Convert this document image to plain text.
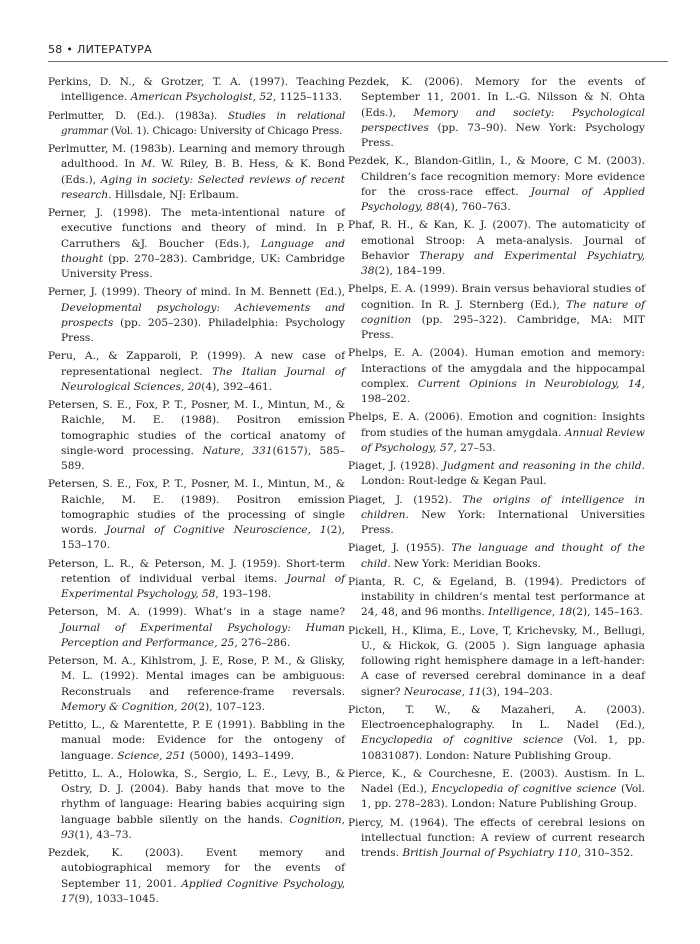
58 • ЛИТЕРАТУРА

Perkins, D. N., & Grotzer, T. A. (1997). Teaching intelligence. American Psychologist, 52, 1125–1133.

Perlmutter, D. (Ed.). (1983a). Studies in relational grammar (Vol. 1). Chicago: University of Chicago Press.

Perlmutter, M. (1983b). Learning and memory through adulthood. In M. W. Riley, B. B. Hess, & K. Bond (Eds.), Aging in society: Selected reviews of recent research. Hillsdale, NJ: Erlbaum.

Perner, J. (1998). The meta-intentional nature of executive functions and theory of mind. In P. Carruthers &J. Boucher (Eds.), Language and thought (pp. 270–283). Cambridge, UK: Cambridge University Press.

Perner, J. (1999). Theory of mind. In M. Bennett (Ed.), Developmental psychology: Achievements and prospects (pp. 205–230). Philadelphia: Psychology Press.

Peru, A., & Zapparoli, P. (1999). A new case of representational neglect. The Italian Journal of Neurological Sciences, 20(4), 392–461.

Petersen, S. E., Fox, P. T., Posner, M. I., Mintun, M., & Raichle, M. E. (1988). Positron emission tomographic studies of the cortical anatomy of single-word processing. Nature, 331(6157), 585–589.

Petersen, S. E., Fox, P. T., Posner, M. I., Mintun, M., & Raichle, M. E. (1989). Positron emission tomographic studies of the processing of single words. Journal of Cognitive Neuroscience, 1(2), 153–170.

Peterson, L. R., & Peterson, M. J. (1959). Short-term retention of individual verbal items. Journal of Experimental Psychology, 58, 193–198.

Peterson, M. A. (1999). What’s in a stage name? Journal of Experimental Psychology: Human Perception and Performance, 25, 276–286.

Peterson, M. A., Kihlstrom, J. E, Rose, P. M., & Glisky, M. L. (1992). Mental images can be ambiguous: Reconstruals and reference-frame reversals. Memory & Cognition, 20(2), 107–123.

Petitto, L., & Marentette, P. E (1991). Babbling in the manual mode: Evidence for the ontogeny of language. Science, 251 (5000), 1493–1499.

Petitto, L. A., Holowka, S., Sergio, L. E., Levy, B., & Ostry, D. J. (2004). Baby hands that move to the rhythm of language: Hearing babies acquiring sign language babble silently on the hands. Cognition, 93(1), 43–73.

Pezdek, K. (2003). Event memory and autobiographical memory for the events of September 11, 2001. Applied Cognitive Psychology, 17(9), 1033–1045.

Pezdek, K. (2006). Memory for the events of September 11, 2001. In L.-G. Nilsson & N. Ohta (Eds.), Memory and society: Psychological perspectives (pp. 73–90). New York: Psychology Press.

Pezdek, K., Blandon-Gitlin, I., & Moore, C M. (2003). Children’s face recognition memory: More evidence for the cross-race effect. Journal of Applied Psychology, 88(4), 760–763.

Phaf, R. H., & Kan, K. J. (2007). The automaticity of emotional Stroop: A meta-analysis. Journal of Behavior Therapy and Experimental Psychiatry, 38(2), 184–199.

Phelps, E. A. (1999). Brain versus behavioral studies of cognition. In R. J. Sternberg (Ed.), The nature of cognition (pp. 295–322). Cambridge, MA: MIT Press.

Phelps, E. A. (2004). Human emotion and memory: Interactions of the amygdala and the hippocampal complex. Current Opinions in Neurobiology, 14, 198–202.

Phelps, E. A. (2006). Emotion and cognition: Insights from studies of the human amygdala. Annual Review of Psychology, 57, 27–53.

Piaget, J. (1928). Judgment and reasoning in the child. London: Rout-ledge & Kegan Paul.

Piaget, J. (1952). The origins of intelligence in children. New York: International Universities Press.

Piaget, J. (1955). The language and thought of the child. New York: Meridian Books.

Pianta, R. C, & Egeland, B. (1994). Predictors of instability in children’s mental test performance at 24, 48, and 96 months. Intelligence, 18(2), 145–163.

Pickell, H., Klima, E., Love, T, Krichevsky, M., Bellugi, U., & Hickok, G. (2005 ). Sign language aphasia following right hemisphere damage in a left-hander: A case of reversed cerebral dominance in a deaf signer? Neurocase, 11(3), 194–203.

Picton, T. W., & Mazaheri, A. (2003). Electroencephalography. In L. Nadel (Ed.), Encyclopedia of cognitive science (Vol. 1, pp. 10831087). London: Nature Publishing Group.

Pierce, K., & Courchesne, E. (2003). Austism. In L. Nadel (Ed.), Encyclopedia of cognitive science (Vol. 1, pp. 278–283). London: Nature Publishing Group.

Piercy, M. (1964). The effects of cerebral lesions on intellectual function: A review of current research trends. British Journal of Psychiatry 110, 310–352.
